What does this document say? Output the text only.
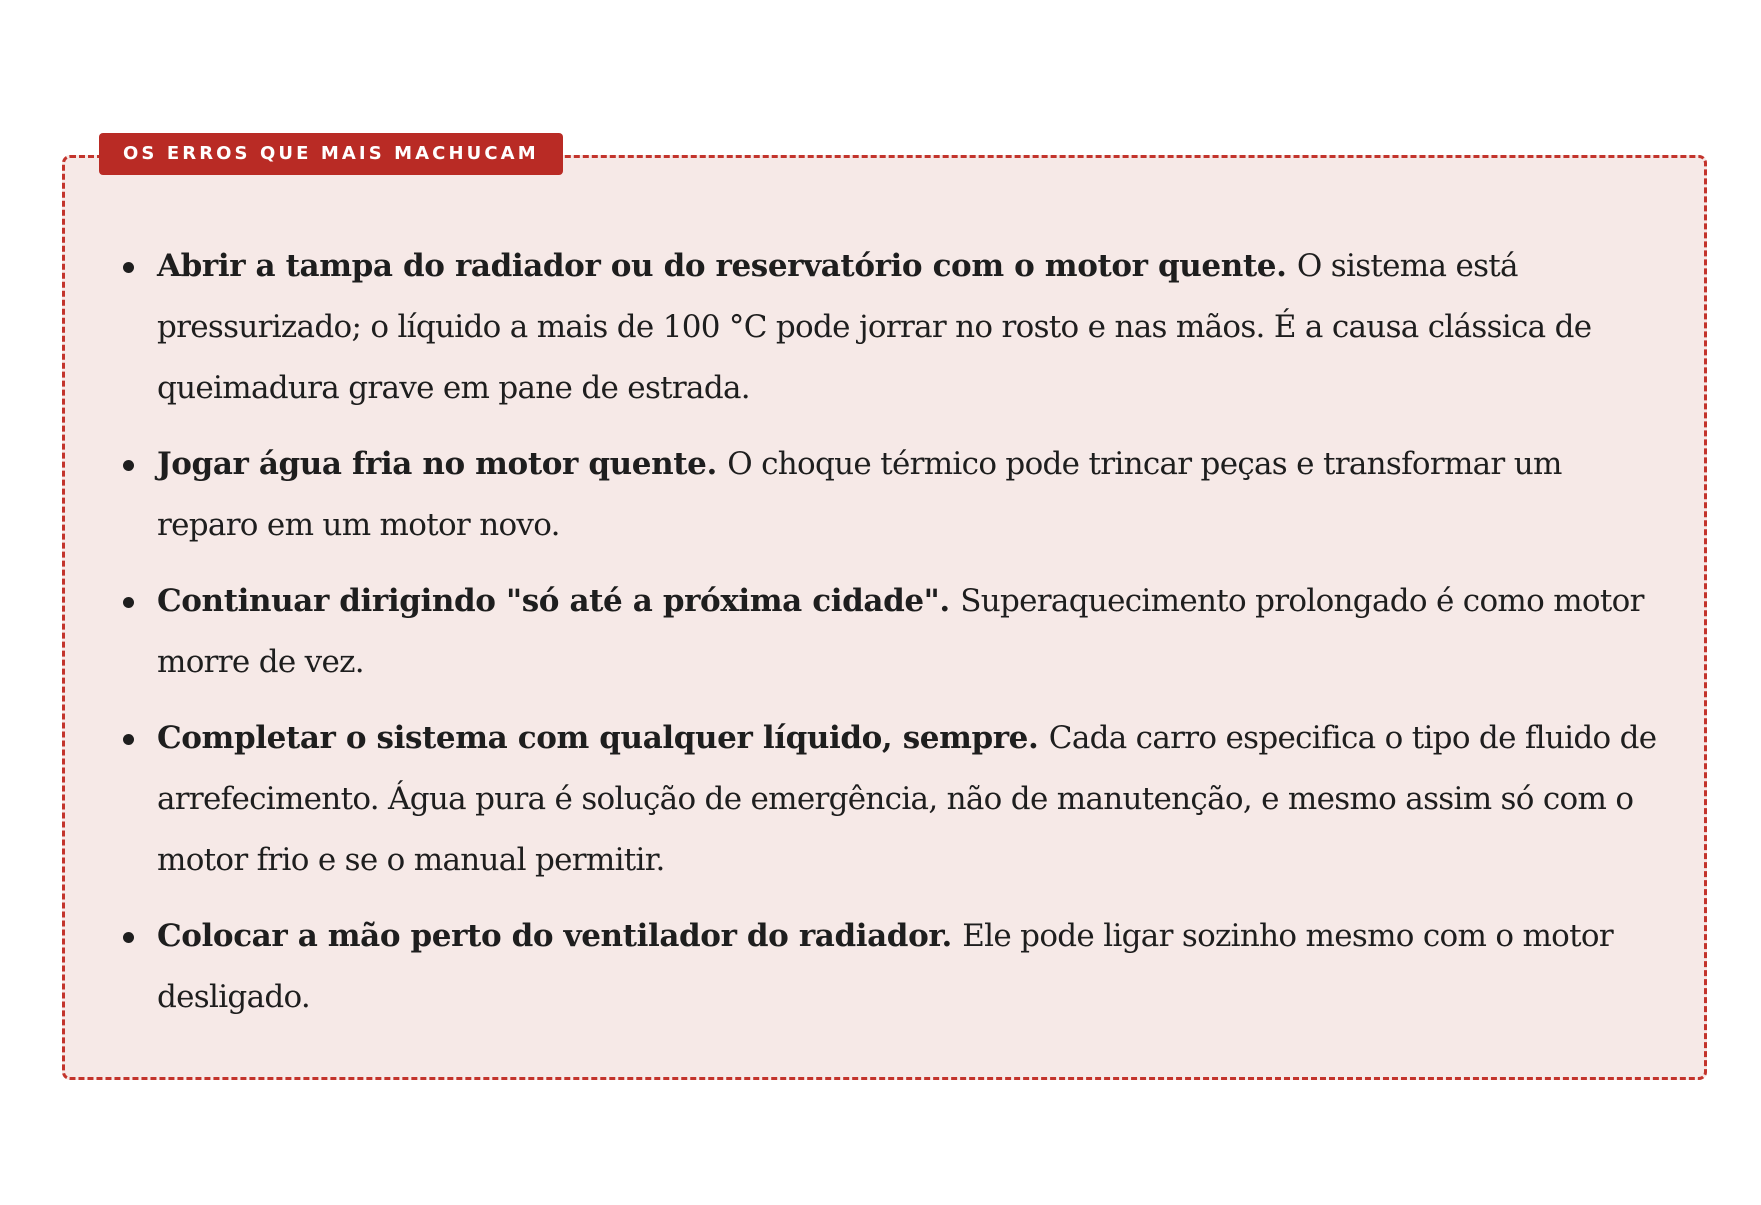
OS ERROS QUE MAIS MACHUCAM
Abrir a tampa do radiador ou do reservatório com o motor quente. O sistema está pressurizado; o líquido a mais de 100 °C pode jorrar no rosto e nas mãos. É a causa clássica de queimadura grave em pane de estrada.
Jogar água fria no motor quente. O choque térmico pode trincar peças e transformar um reparo em um motor novo.
Continuar dirigindo "só até a próxima cidade". Superaquecimento prolongado é como motor morre de vez.
Completar o sistema com qualquer líquido, sempre. Cada carro especifica o tipo de fluido de arrefecimento. Água pura é solução de emergência, não de manutenção, e mesmo assim só com o motor frio e se o manual permitir.
Colocar a mão perto do ventilador do radiador. Ele pode ligar sozinho mesmo com o motor desligado.
